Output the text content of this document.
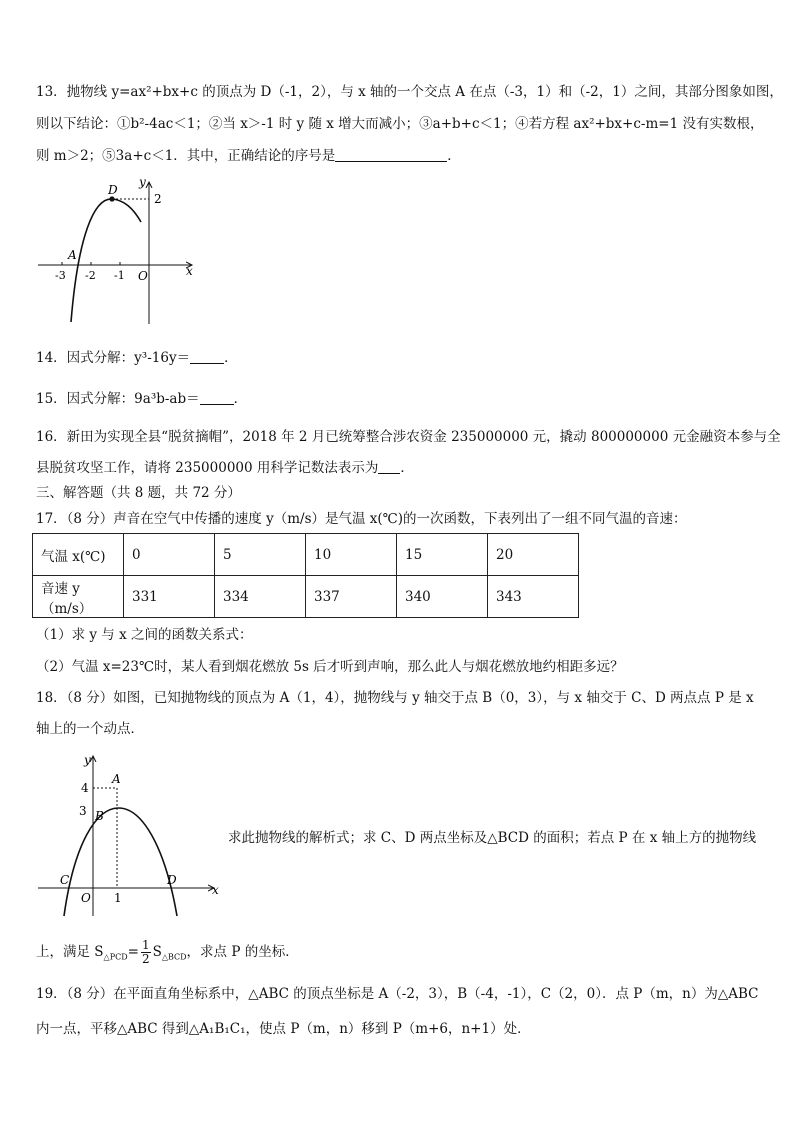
13．抛物线 y=ax²+bx+c 的顶点为 D（-1，2），与 x 轴的一个交点 A 在点（-3，1）和（-2，1）之间，其部分图象如图，
则以下结论：①b²-4ac＜1；②当 x＞-1 时 y 随 x 增大而减小；③a+b+c＜1；④若方程 ax²+bx+c-m=1 没有实数根，
则 m＞2；⑤3a+c＜1．其中，正确结论的序号是	．
D
y
2
A
-3 -2 -1 O	x
14．因式分解：y³-16y＝	．
15．因式分解：9a³b-ab＝	．
16．新田为实现全县“脱贫摘帽”，2018 年 2 月已统筹整合涉农资金 235000000 元，撬动 800000000 元金融资本参与全
县脱贫攻坚工作，请将 235000000 用科学记数法表示为 ．
三、解答题（共 8 题，共 72 分）
17．（8 分）声音在空气中传播的速度 y（m/s）是气温 x(℃)的一次函数，下表列出了一组不同气温的音速：
气温 x(℃)	0	5	10	15	20
音速 y（m/s）	331	334	337	340	343
（1）求 y 与 x 之间的函数关系式：
（2）气温 x=23℃时，某人看到烟花燃放 5s 后才听到声响，那么此人与烟花燃放地约相距多远？
18．（8 分）如图，已知抛物线的顶点为 A（1，4），抛物线与 y 轴交于点 B（0，3），与 x 轴交于 C、D 两点点 P 是 x
轴上的一个动点．
y
A
4
3 B
C	D
O 1
x
求此抛物线的解析式；求 C、D 两点坐标及△BCD 的面积；若点 P 在 x 轴上方的抛物线
上，满足 $S_{\triangle PCD}= \frac{1}{2} S_{\triangle BCD}$，求点 P 的坐标．
19．（8 分）在平面直角坐标系中，△ABC 的顶点坐标是 A（-2，3），B（-4，-1），C（2，0）．点 P（m，n）为△ABC
内一点，平移△ABC 得到△A₁B₁C₁，使点 P（m，n）移到 P（m+6，n+1）处．
